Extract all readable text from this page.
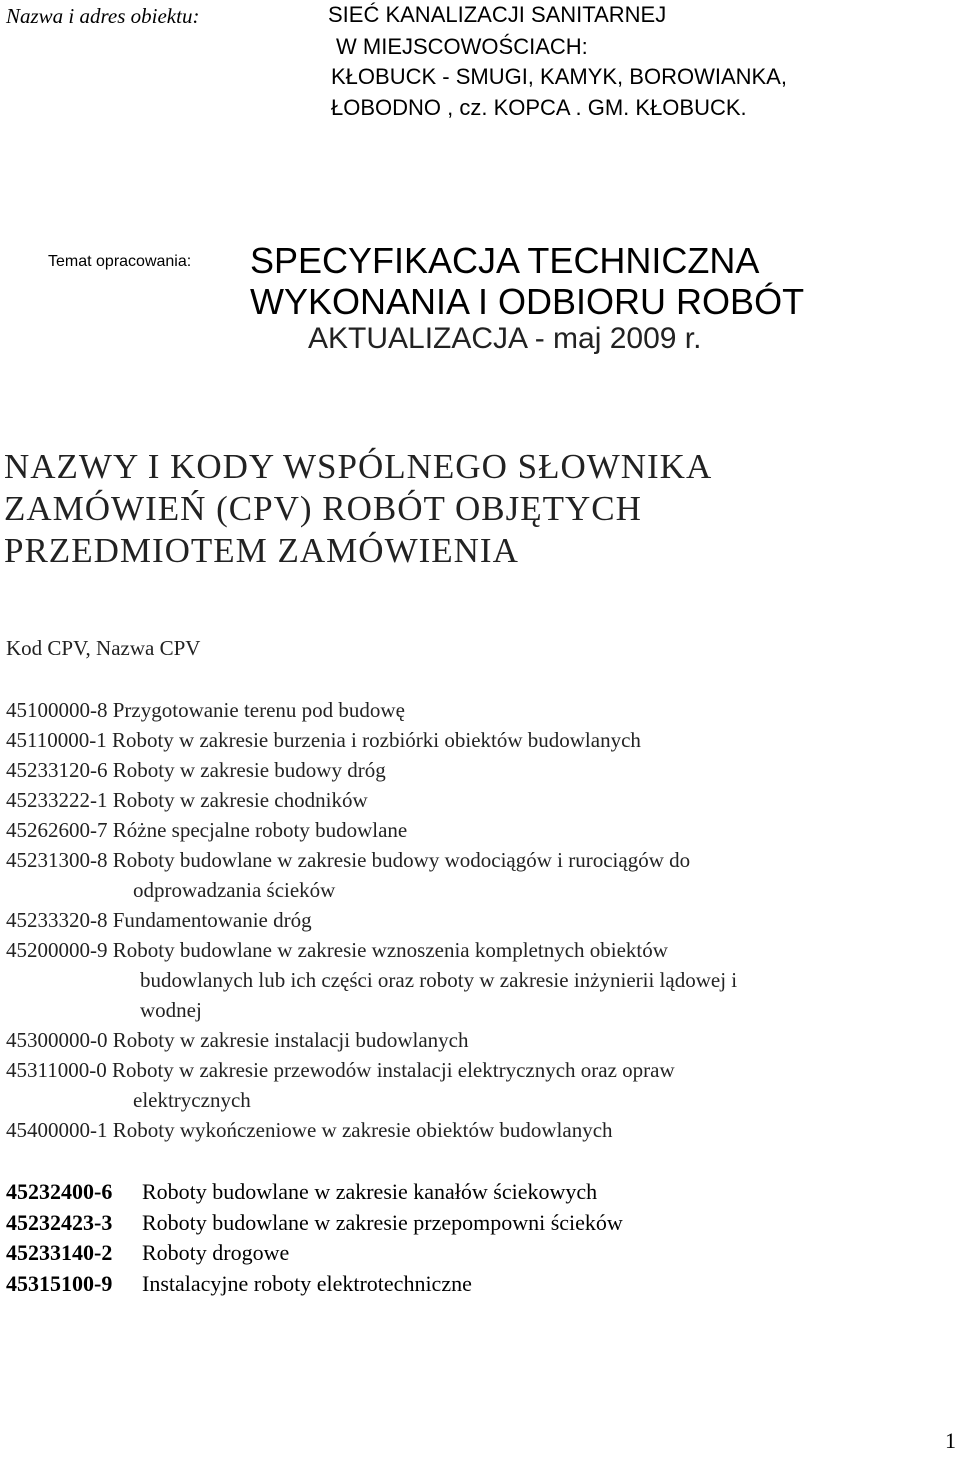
Nazwa i adres obiektu:	SIEĆ KANALIZACJI SANITARNEJ
W MIEJSCOWOŚCIACH:
KŁOBUCK - SMUGI, KAMYK, BOROWIANKA,
ŁOBODNO , cz. KOPCA . GM. KŁOBUCK.
Temat opracowania: SPECYFIKACJA TECHNICZNA
WYKONANIA I ODBIORU ROBÓT
AKTUALIZACJA - maj 2009 r.
NAZWY I KODY WSPÓLNEGO SŁOWNIKA
ZAMÓWIEŃ (CPV) ROBÓT OBJĘTYCH
PRZEDMIOTEM ZAMÓWIENIA
Kod CPV, Nazwa CPV
45100000-8 Przygotowanie terenu pod budowę
45110000-1 Roboty w zakresie burzenia i rozbiórki obiektów budowlanych
45233120-6 Roboty w zakresie budowy dróg
45233222-1 Roboty w zakresie chodników
45262600-7 Różne specjalne roboty budowlane
45231300-8 Roboty budowlane w zakresie budowy wodociągów i rurociągów do
odprowadzania ścieków
45233320-8 Fundamentowanie dróg
45200000-9 Roboty budowlane w zakresie wznoszenia kompletnych obiektów
budowlanych lub ich części oraz roboty w zakresie inżynierii lądowej i
wodnej
45300000-0 Roboty w zakresie instalacji budowlanych
45311000-0 Roboty w zakresie przewodów instalacji elektrycznych oraz opraw
elektrycznych
45400000-1 Roboty wykończeniowe w zakresie obiektów budowlanych
45232400-6 Roboty budowlane w zakresie kanałów ściekowych
45232423-3 Roboty budowlane w zakresie przepompowni ścieków
45233140-2 Roboty drogowe
45315100-9 Instalacyjne roboty elektrotechniczne
1
